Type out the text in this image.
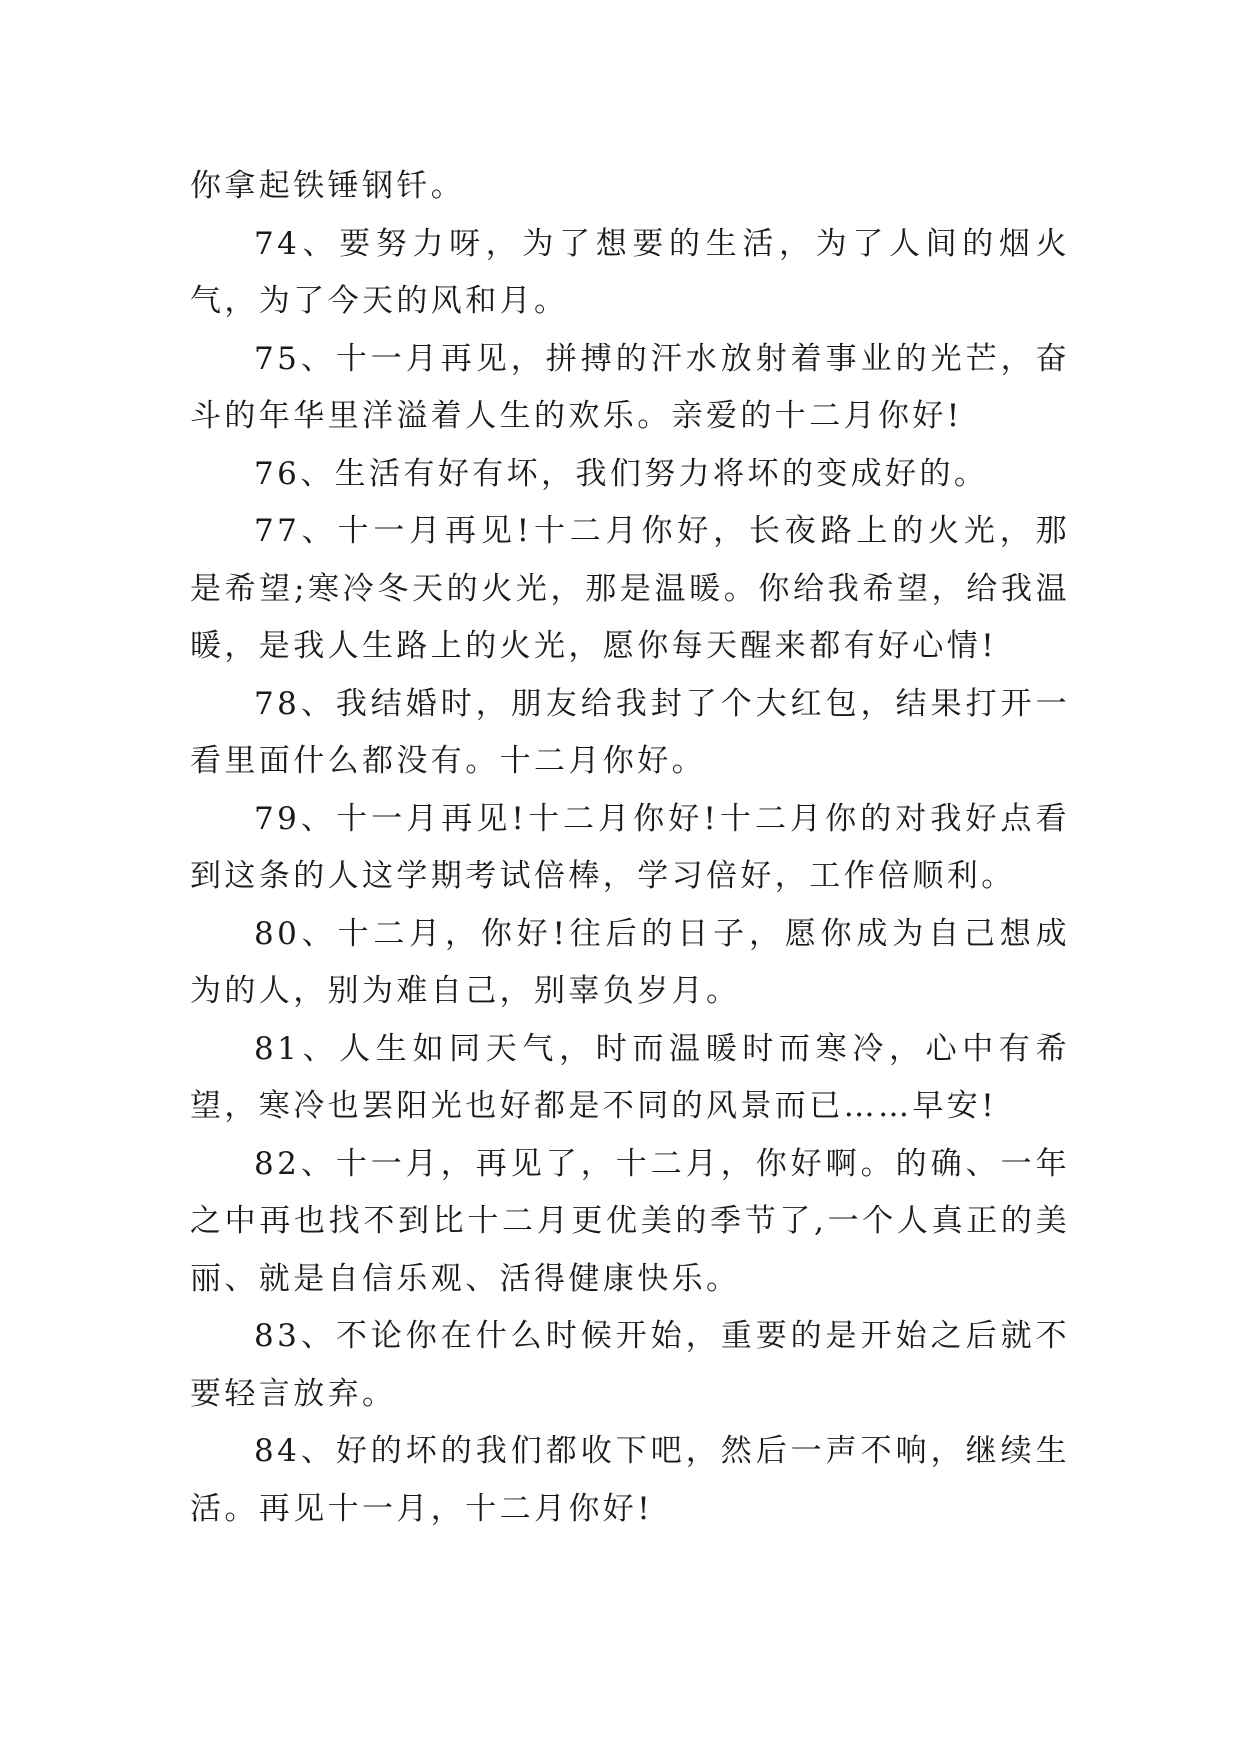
你拿起铁锤钢钎。

74、要努力呀，为了想要的生活，为了人间的烟火气，为了今天的风和月。

75、十一月再见，拼搏的汗水放射着事业的光芒，奋斗的年华里洋溢着人生的欢乐。亲爱的十二月你好!

76、生活有好有坏，我们努力将坏的变成好的。

77、十一月再见!十二月你好，长夜路上的火光，那是希望;寒冷冬天的火光，那是温暖。你给我希望，给我温暖，是我人生路上的火光，愿你每天醒来都有好心情!

78、我结婚时，朋友给我封了个大红包，结果打开一看里面什么都没有。十二月你好。

79、十一月再见!十二月你好!十二月你的对我好点看到这条的人这学期考试倍棒，学习倍好，工作倍顺利。

80、十二月，你好!往后的日子，愿你成为自己想成为的人，别为难自己，别辜负岁月。

81、人生如同天气，时而温暖时而寒冷，心中有希望，寒冷也罢阳光也好都是不同的风景而已……早安!

82、十一月，再见了，十二月，你好啊。的确、一年之中再也找不到比十二月更优美的季节了,一个人真正的美丽、就是自信乐观、活得健康快乐。

83、不论你在什么时候开始，重要的是开始之后就不要轻言放弃。

84、好的坏的我们都收下吧，然后一声不响，继续生活。再见十一月，十二月你好!
